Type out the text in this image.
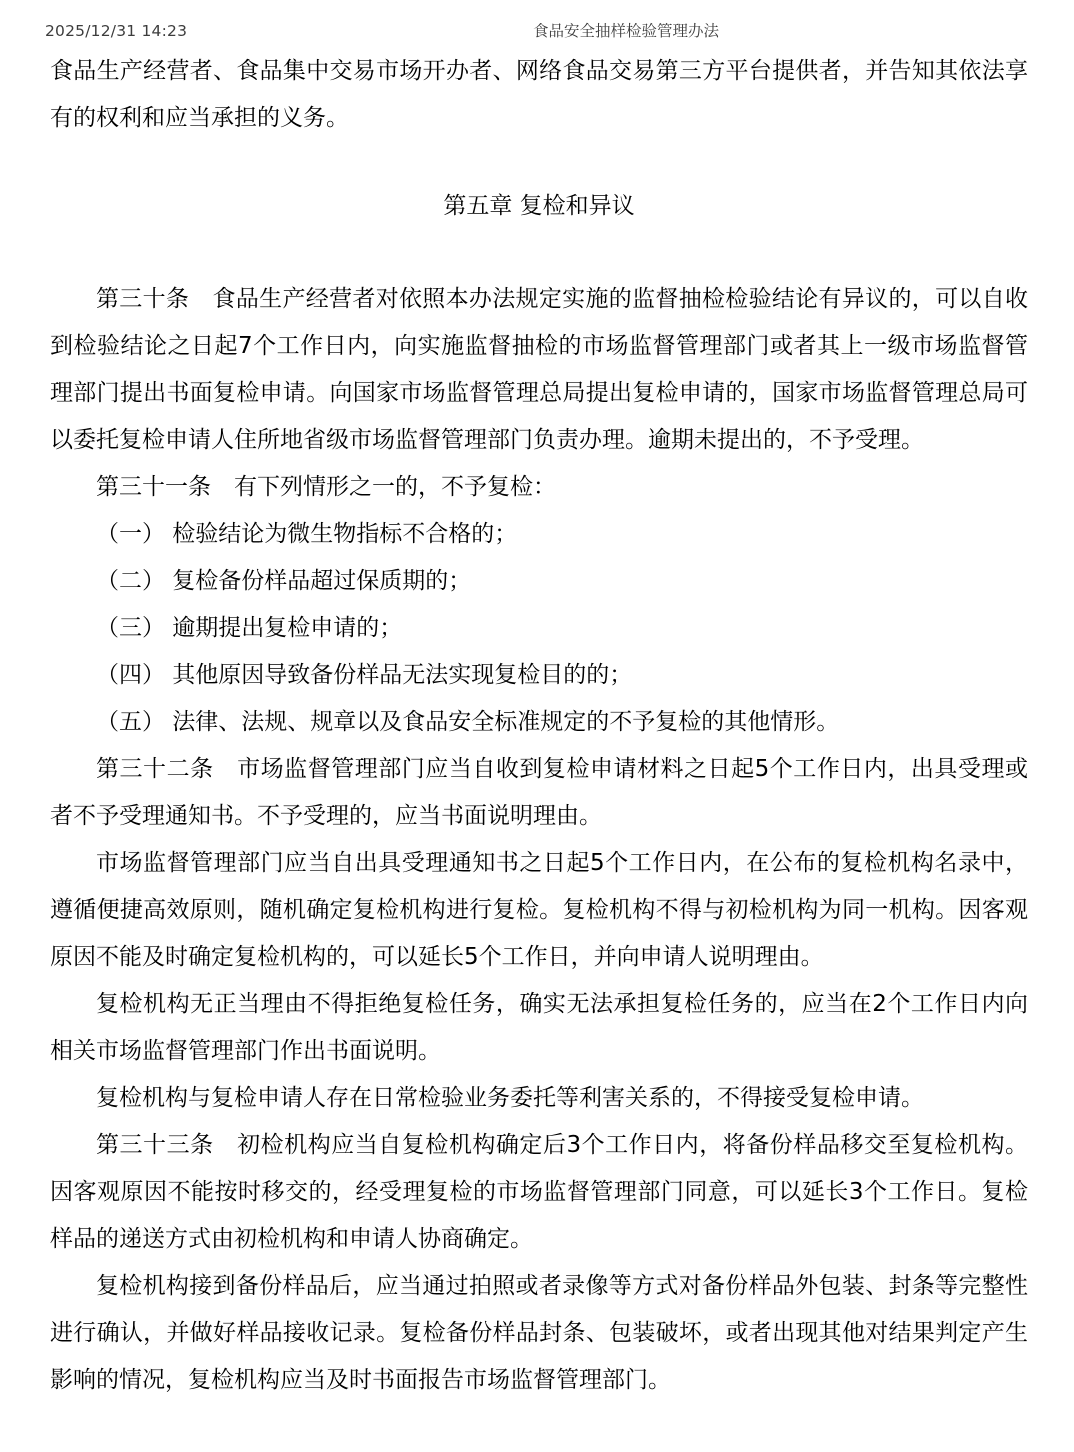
2025/12/31 14:23	食品安全抽样检验管理办法

食品生产经营者、食品集中交易市场开办者、网络食品交易第三方平台提供者，并告知其依法享有的权利和应当承担的义务。

第五章 复检和异议

第三十条　食品生产经营者对依照本办法规定实施的监督抽检检验结论有异议的，可以自收到检验结论之日起7个工作日内，向实施监督抽检的市场监督管理部门或者其上一级市场监督管理部门提出书面复检申请。向国家市场监督管理总局提出复检申请的，国家市场监督管理总局可以委托复检申请人住所地省级市场监督管理部门负责办理。逾期未提出的，不予受理。

第三十一条　有下列情形之一的，不予复检：

（一） 检验结论为微生物指标不合格的；

（二） 复检备份样品超过保质期的；

（三） 逾期提出复检申请的；

（四） 其他原因导致备份样品无法实现复检目的的；

（五） 法律、法规、规章以及食品安全标准规定的不予复检的其他情形。

第三十二条　市场监督管理部门应当自收到复检申请材料之日起5个工作日内，出具受理或者不予受理通知书。不予受理的，应当书面说明理由。

市场监督管理部门应当自出具受理通知书之日起5个工作日内，在公布的复检机构名录中，遵循便捷高效原则，随机确定复检机构进行复检。复检机构不得与初检机构为同一机构。因客观原因不能及时确定复检机构的，可以延长5个工作日，并向申请人说明理由。

复检机构无正当理由不得拒绝复检任务，确实无法承担复检任务的，应当在2个工作日内向相关市场监督管理部门作出书面说明。

复检机构与复检申请人存在日常检验业务委托等利害关系的，不得接受复检申请。

第三十三条　初检机构应当自复检机构确定后3个工作日内，将备份样品移交至复检机构。因客观原因不能按时移交的，经受理复检的市场监督管理部门同意，可以延长3个工作日。复检样品的递送方式由初检机构和申请人协商确定。

复检机构接到备份样品后，应当通过拍照或者录像等方式对备份样品外包装、封条等完整性进行确认，并做好样品接收记录。复检备份样品封条、包装破坏，或者出现其他对结果判定产生影响的情况，复检机构应当及时书面报告市场监督管理部门。
